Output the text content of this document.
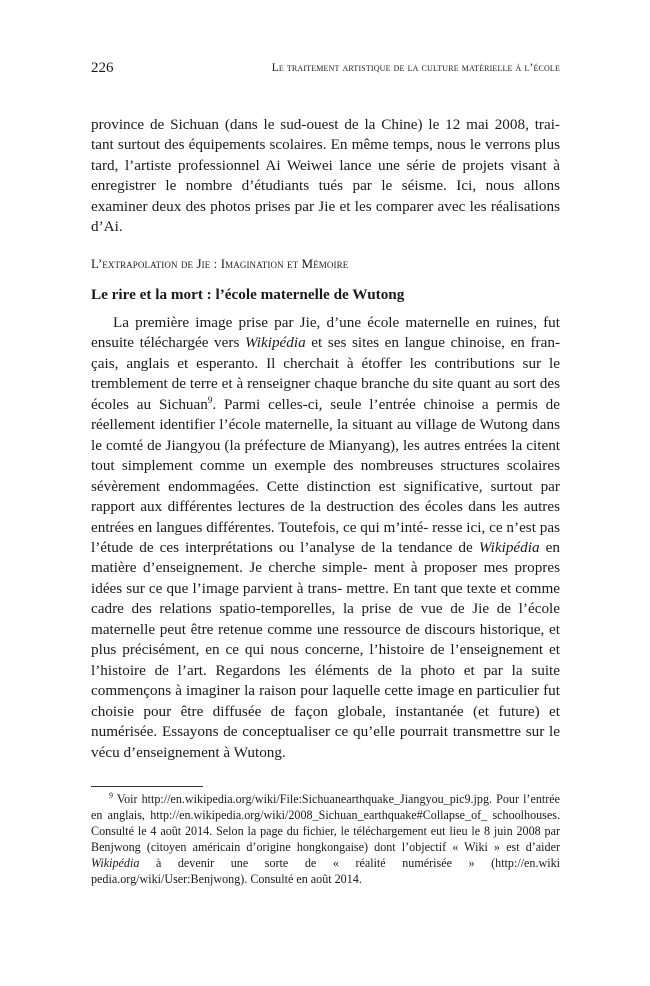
226	Le traitement artistique de la culture matérielle à l’école

province de Sichuan (dans le sud-ouest de la Chine) le 12 mai 2008, trai- tant surtout des équipements scolaires. En même temps, nous le verrons plus tard, l’artiste professionnel Ai Weiwei lance une série de projets visant à enregistrer le nombre d’étudiants tués par le séisme. Ici, nous allons examiner deux des photos prises par Jie et les comparer avec les réalisations d’Ai.

L’extrapolation de Jie : Imagination et Mémoire
Le rire et la mort : l’école maternelle de Wutong

La première image prise par Jie, d’une école maternelle en ruines, fut ensuite téléchargée vers Wikipédia et ses sites en langue chinoise, en fran- çais, anglais et esperanto. Il cherchait à étoffer les contributions sur le tremblement de terre et à renseigner chaque branche du site quant au sort des écoles au Sichuan$^9$. Parmi celles-ci, seule l’entrée chinoise a permis de réellement identifier l’école maternelle, la situant au village de Wutong dans le comté de Jiangyou (la préfecture de Mianyang), les autres entrées la citent tout simplement comme un exemple des nombreuses structures scolaires sévèrement endommagées. Cette distinction est significative, surtout par rapport aux différentes lectures de la destruction des écoles dans les autres entrées en langues différentes. Toutefois, ce qui m’inté- resse ici, ce n’est pas l’étude de ces interprétations ou l’analyse de la tendance de Wikipédia en matière d’enseignement. Je cherche simple- ment à proposer mes propres idées sur ce que l’image parvient à trans- mettre. En tant que texte et comme cadre des relations spatio-temporelles, la prise de vue de Jie de l’école maternelle peut être retenue comme une ressource de discours historique, et plus précisément, en ce qui nous concerne, l’histoire de l’enseignement et l’histoire de l’art. Regardons les éléments de la photo et par la suite commençons à imaginer la raison pour laquelle cette image en particulier fut choisie pour être diffusée de façon globale, instantanée (et future) et numérisée. Essayons de conceptualiser ce qu’elle pourrait transmettre sur le vécu d’enseignement à Wutong.

$^9$ Voir http://en.wikipedia.org/wiki/File:Sichuanearthquake_Jiangyou_pic9.jpg. Pour l’entrée en anglais, http://en.wikipedia.org/wiki/2008_Sichuan_earthquake#Collapse_of_ schoolhouses. Consulté le 4 août 2014. Selon la page du fichier, le téléchargement eut lieu le 8 juin 2008 par Benjwong (citoyen américain d’origine hongkongaise) dont l’objectif « Wiki » est d’aider Wikipédia à devenir une sorte de « réalité numérisée » (http://en.wiki pedia.org/wiki/User:Benjwong). Consulté en août 2014.
